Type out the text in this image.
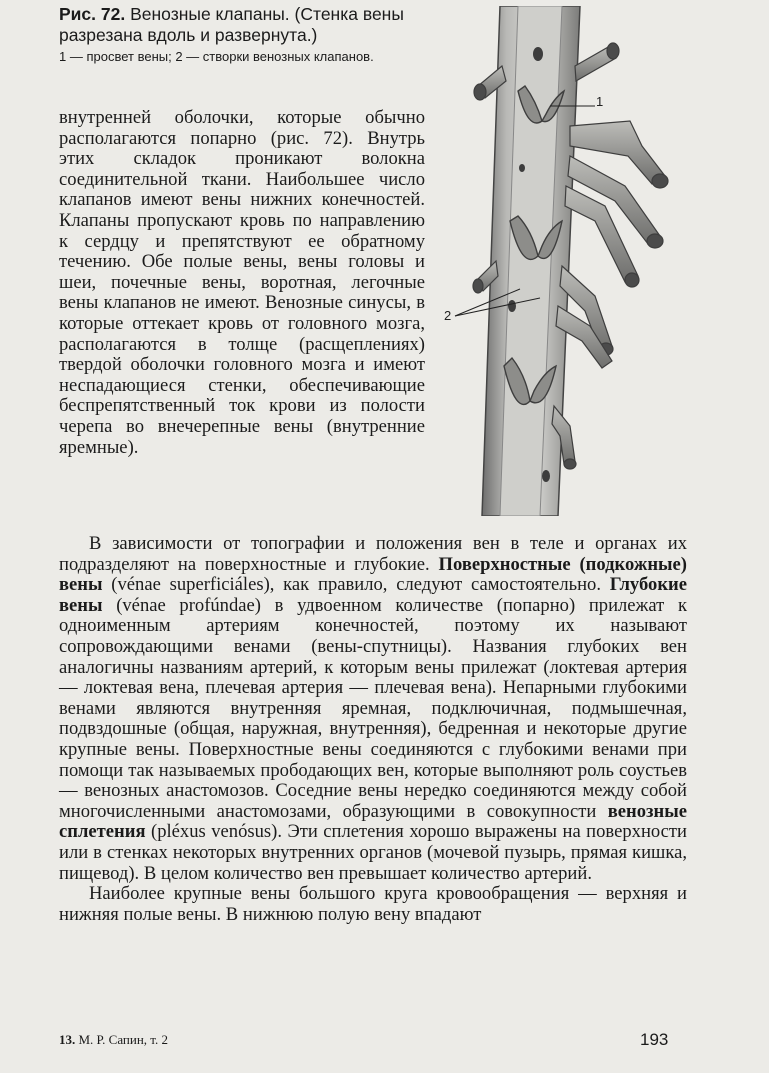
Рис. 72. Венозные клапаны. (Стенка вены разрезана вдоль и развернута.)

1 — просвет вены; 2 — створки венозных клапанов.

1
2

внутренней оболочки, которые обычно располагаются попарно (рис. 72). Внутрь этих складок проникают волокна соединительной ткани. Наибольшее число клапанов имеют вены нижних конечностей. Клапаны пропускают кровь по направлению к сердцу и препятствуют ее обратному течению. Обе полые вены, вены головы и шеи, почечные вены, воротная, легочные вены клапанов не имеют. Венозные синусы, в которые оттекает кровь от головного мозга, располагаются в толще (расщеплениях) твердой оболочки головного мозга и имеют неспадающиеся стенки, обеспечивающие беспрепятственный ток крови из полости черепа во внечерепные вены (внутренние яремные).

В зависимости от топографии и положения вен в теле и органах их подразделяют на поверхностные и глубокие. Поверхностные (подкожные) вены (vénae superficiáles), как правило, следуют самостоятельно. Глубокие вены (vénae profúndae) в удвоенном количестве (попарно) прилежат к одноименным артериям конечностей, поэтому их называют сопровождающими венами (вены-спутницы). Названия глубоких вен аналогичны названиям артерий, к которым вены прилежат (локтевая артерия — локтевая вена, плечевая артерия — плечевая вена). Непарными глубокими венами являются внутренняя яремная, подключичная, подмышечная, подвздошные (общая, наружная, внутренняя), бедренная и некоторые другие крупные вены. Поверхностные вены соединяются с глубокими венами при помощи так называемых прободающих вен, которые выполняют роль соустьев — венозных анастомозов. Соседние вены нередко соединяются между собой многочисленными анастомозами, образующими в совокупности венозные сплетения (pléxus venósus). Эти сплетения хорошо выражены на поверхности или в стенках некоторых внутренних органов (мочевой пузырь, прямая кишка, пищевод). В целом количество вен превышает количество артерий.

Наиболее крупные вены большого круга кровообращения — верхняя и нижняя полые вены. В нижнюю полую вену впадают

13. М. Р. Сапин, т. 2	193
